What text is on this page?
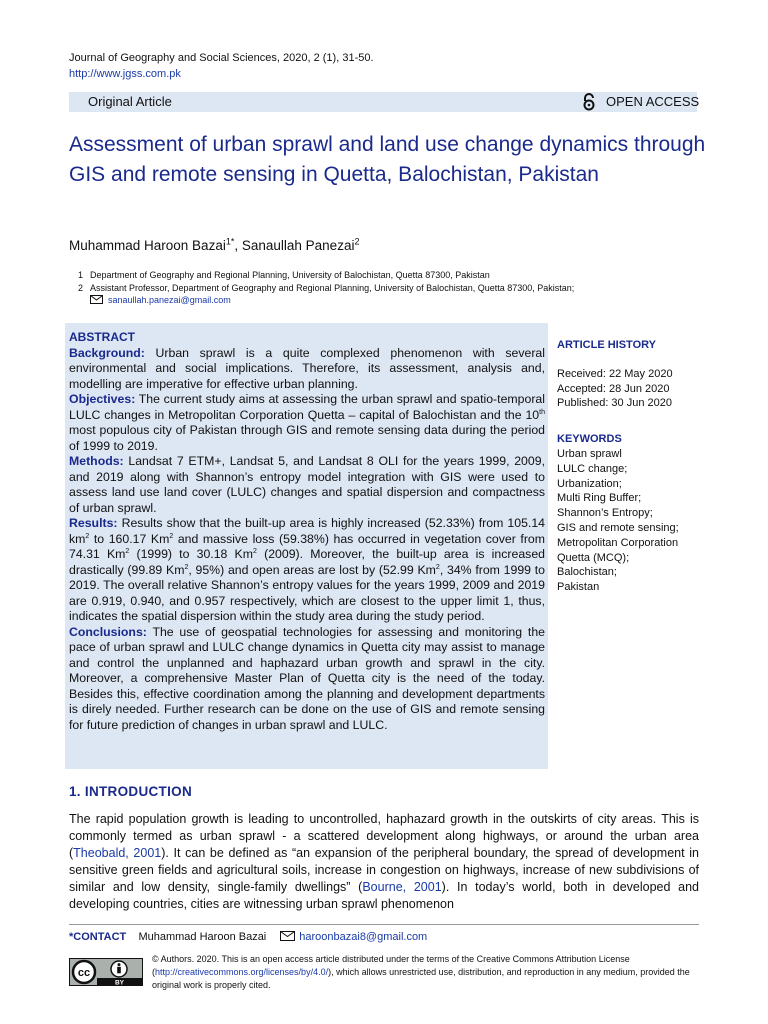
Journal of Geography and Social Sciences, 2020, 2 (1), 31-50.
http://www.jgss.com.pk
Original Article	OPEN ACCESS
Assessment of urban sprawl and land use change dynamics through GIS and remote sensing in Quetta, Balochistan, Pakistan
Muhammad Haroon Bazai$^{1*}$, Sanaullah Panezai$^2$
1 Department of Geography and Regional Planning, University of Balochistan, Quetta 87300, Pakistan
2 Assistant Professor, Department of Geography and Regional Planning, University of Balochistan, Quetta 87300, Pakistan;
sanaullah.panezai@gmail.com

ABSTRACT

Background: Urban sprawl is a quite complexed phenomenon with several environmental and social implications. Therefore, its assessment, analysis and, modelling are imperative for effective urban planning.

Objectives: The current study aims at assessing the urban sprawl and spatio-temporal LULC changes in Metropolitan Corporation Quetta – capital of Balochistan and the 10th most populous city of Pakistan through GIS and remote sensing data during the period of 1999 to 2019.

Methods: Landsat 7 ETM+, Landsat 5, and Landsat 8 OLI for the years 1999, 2009, and 2019 along with Shannon’s entropy model integration with GIS were used to assess land use land cover (LULC) changes and spatial dispersion and compactness of urban sprawl.

Results: Results show that the built-up area is highly increased (52.33%) from 105.14 $km^2$ to 160.17 Km$^2$ and massive loss (59.38%) has occurred in vegetation cover from 74.31 Km$^2$ (1999) to 30.18 Km$^2$ (2009). Moreover, the built-up area is increased drastically (99.89 Km$^2$, 95%) and open areas are lost by (52.99 Km$^2$, 34% from 1999 to 2019. The overall relative Shannon’s entropy values for the years 1999, 2009 and 2019 are 0.919, 0.940, and 0.957 respectively, which are closest to the upper limit 1, thus, indicates the spatial dispersion within the study area during the study period.

Conclusions: The use of geospatial technologies for assessing and monitoring the pace of urban sprawl and LULC change dynamics in Quetta city may assist to manage and control the unplanned and haphazard urban growth and sprawl in the city. Moreover, a comprehensive Master Plan of Quetta city is the need of the today. Besides this, effective coordination among the planning and development departments is direly needed. Further research can be done on the use of GIS and remote sensing for future prediction of changes in urban sprawl and LULC.

ARTICLE HISTORY
Received: 22 May 2020
Accepted: 28 Jun 2020
Published: 30 Jun 2020
KEYWORDS
Urban sprawl
LULC change;
Urbanization;
Multi Ring Buffer;
Shannon’s Entropy;
GIS and remote sensing;
Metropolitan Corporation
Quetta (MCQ);
Balochistan;
Pakistan
1. INTRODUCTION
The rapid population growth is leading to uncontrolled, haphazard growth in the outskirts of city areas. This is commonly termed as urban sprawl - a scattered development along highways, or around the urban area (Theobald, 2001). It can be defined as “an expansion of the peripheral boundary, the spread of development in sensitive green fields and agricultural soils, increase in congestion on highways, increase of new subdivisions of similar and low density, single-family dwellings” (Bourne, 2001). In today’s world, both in developed and developing countries, cities are witnessing urban sprawl phenomenon
*CONTACT Muhammad Haroon Bazai	haroonbazai8@gmail.com
cc
BY
© Authors. 2020. This is an open access article distributed under the terms of the Creative Commons Attribution License (http://creativecommons.org/licenses/by/4.0/), which allows unrestricted use, distribution, and reproduction in any medium, provided the original work is properly cited.
